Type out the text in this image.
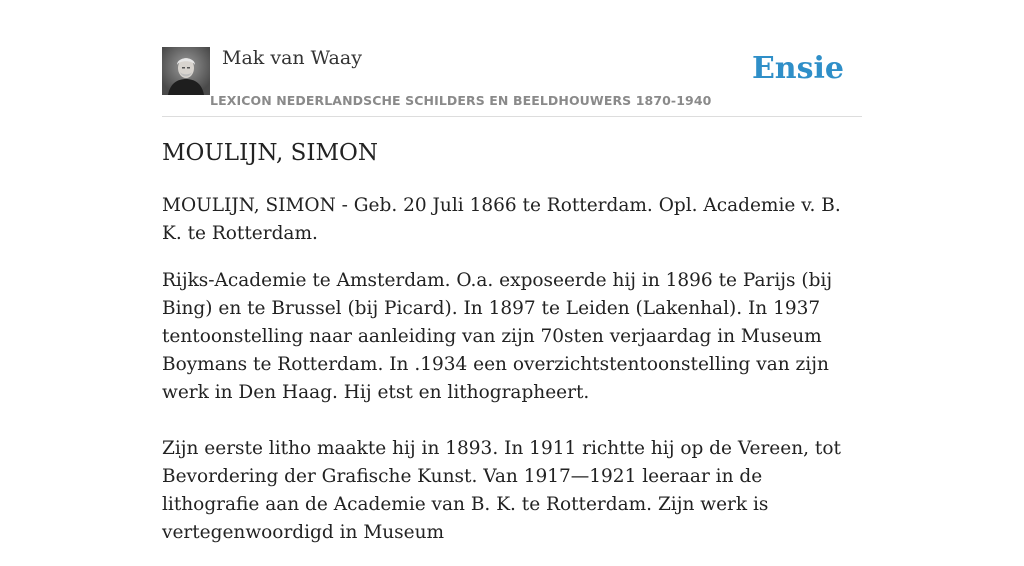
Mak van Waay
LEXICON NEDERLANDSCHE SCHILDERS EN BEELDHOUWERS 1870-1940
Ensie
MOULIJN, SIMON

MOULIJN, SIMON - Geb. 20 Juli 1866 te Rotterdam. Opl. Academie v. B. K. te Rotterdam.

Rijks-Academie te Amsterdam. O.a. exposeerde hij in 1896 te Parijs (bij Bing) en te Brussel (bij Picard). In 1897 te Leiden (Lakenhal). In 1937 tentoonstelling naar aanleiding van zijn 70sten verjaardag in Museum Boymans te Rotterdam. In .1934 een overzichtstentoonstelling van zijn werk in Den Haag. Hij etst en lithographeert.

Zijn eerste litho maakte hij in 1893. In 1911 richtte hij op de Vereen, tot Bevordering der Grafische Kunst. Van 1917—1921 leeraar in de lithografie aan de Academie van B. K. te Rotterdam. Zijn werk is vertegenwoordigd in Museum
